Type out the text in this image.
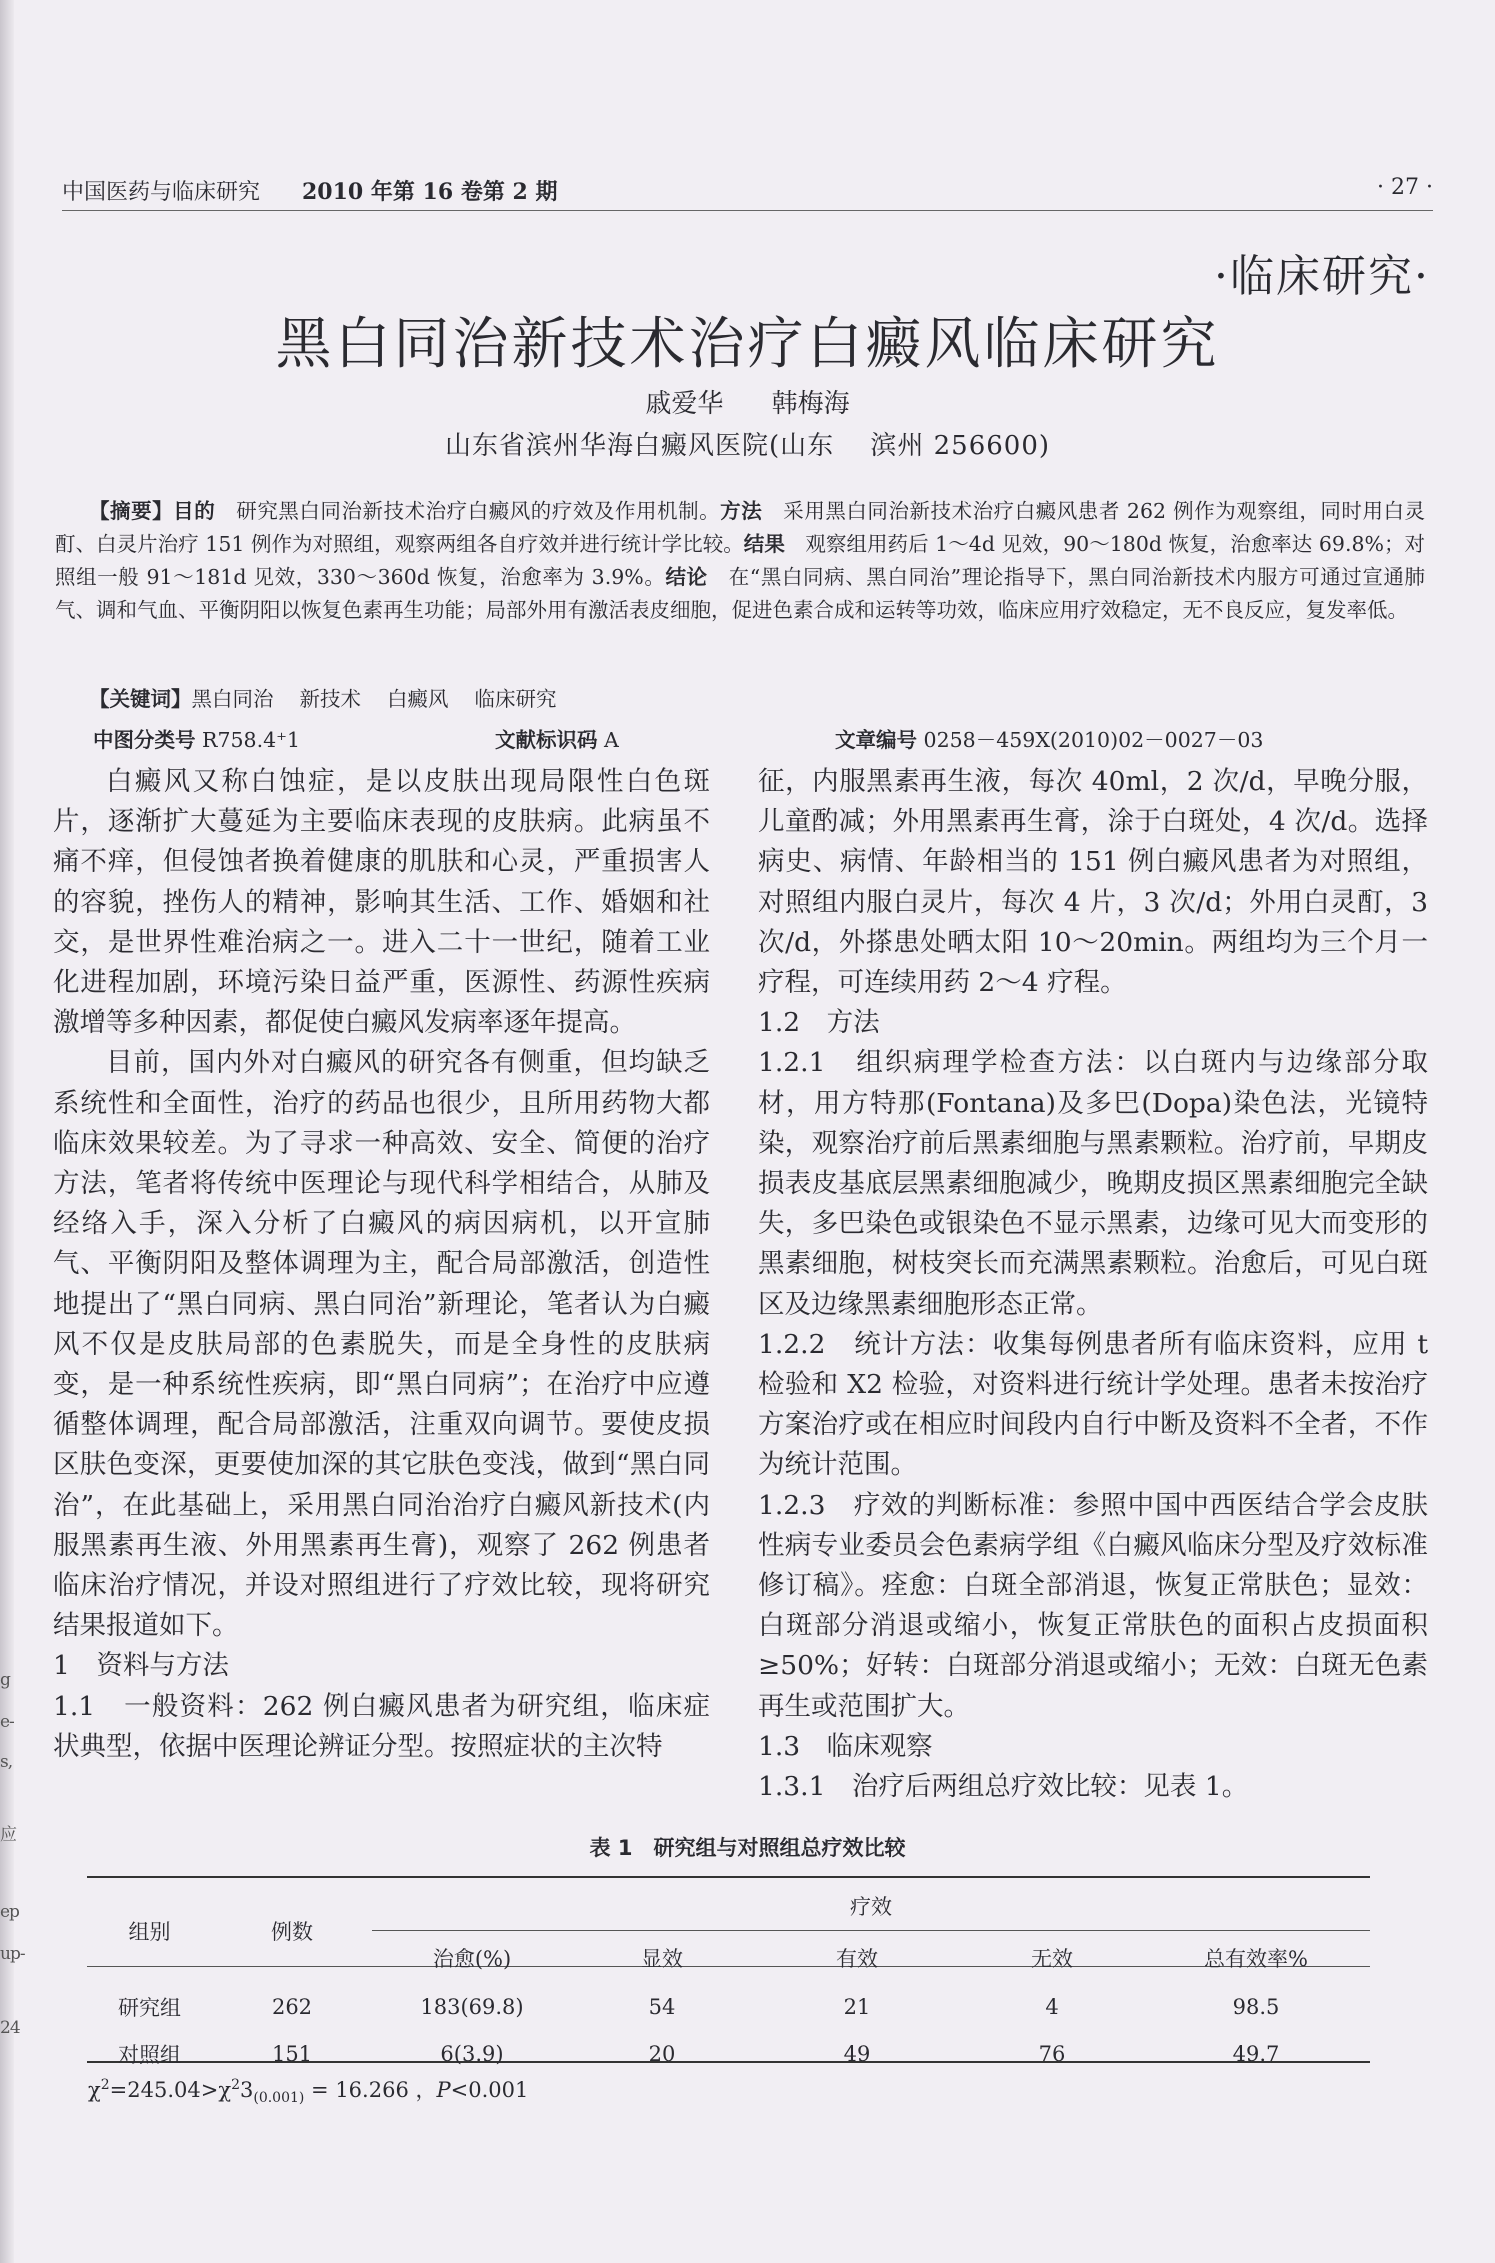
g
e-
s,
应
ep
up-
24
中国医药与临床研究 2010 年第 16 卷第 2 期	· 27 ·
·临床研究·
黑白同治新技术治疗白癜风临床研究
戚爱华 韩梅海
山东省滨州华海白癜风医院(山东　 滨州 256600)
【摘要】目的　 研究黑白同治新技术治疗白癜风的疗效及作用机制。方法　 采用黑白同治新技术治疗白癜风患者 262 例作为观察组，同时用白灵酊、白灵片治疗 151 例作为对照组，观察两组各自疗效并进行统计学比较。结果　 观察组用药后 1～4d 见效，90～180d 恢复，治愈率达 69.8%；对照组一般 91～181d 见效，330～360d 恢复，治愈率为 3.9%。结论　 在“黑白同病、黑白同治”理论指导下，黑白同治新技术内服方可通过宣通肺气、调和气血、平衡阴阳以恢复色素再生功能；局部外用有激活表皮细胞，促进色素合成和运转等功效，临床应用疗效稳定，无不良反应，复发率低。
【关键词】黑白同治 新技术 白癜风 临床研究
中图分类号 R758.4⁺1	文献标识码 A	文章编号 0258－459X(2010)02－0027－03

白癜风又称白蚀症，是以皮肤出现局限性白色斑片，逐渐扩大蔓延为主要临床表现的皮肤病。此病虽不痛不痒，但侵蚀者换着健康的肌肤和心灵，严重损害人的容貌，挫伤人的精神，影响其生活、工作、婚姻和社交，是世界性难治病之一。进入二十一世纪，随着工业化进程加剧，环境污染日益严重，医源性、药源性疾病激增等多种因素，都促使白癜风发病率逐年提高。

目前，国内外对白癜风的研究各有侧重，但均缺乏系统性和全面性，治疗的药品也很少，且所用药物大都临床效果较差。为了寻求一种高效、安全、简便的治疗方法，笔者将传统中医理论与现代科学相结合，从肺及经络入手，深入分析了白癜风的病因病机，以开宣肺气、平衡阴阳及整体调理为主，配合局部激活，创造性地提出了“黑白同病、黑白同治”新理论，笔者认为白癜风不仅是皮肤局部的色素脱失，而是全身性的皮肤病变，是一种系统性疾病，即“黑白同病”；在治疗中应遵循整体调理，配合局部激活，注重双向调节。要使皮损区肤色变深，更要使加深的其它肤色变浅，做到“黑白同治”，在此基础上，采用黑白同治治疗白癜风新技术(内服黑素再生液、外用黑素再生膏)，观察了 262 例患者临床治疗情况，并设对照组进行了疗效比较，现将研究结果报道如下。

1　资料与方法

1.1　一般资料：262 例白癜风患者为研究组，临床症状典型，依据中医理论辨证分型。按照症状的主次特

征，内服黑素再生液，每次 40ml，2 次/d，早晚分服，儿童酌减；外用黑素再生膏，涂于白斑处，4 次/d。选择病史、病情、年龄相当的 151 例白癜风患者为对照组，对照组内服白灵片，每次 4 片，3 次/d；外用白灵酊，3 次/d，外搽患处晒太阳 10～20min。两组均为三个月一疗程，可连续用药 2～4 疗程。

1.2　方法

1.2.1　组织病理学检查方法：以白斑内与边缘部分取材，用方特那(Fontana)及多巴(Dopa)染色法，光镜特染，观察治疗前后黑素细胞与黑素颗粒。治疗前，早期皮损表皮基底层黑素细胞减少，晚期皮损区黑素细胞完全缺失，多巴染色或银染色不显示黑素，边缘可见大而变形的黑素细胞，树枝突长而充满黑素颗粒。治愈后，可见白斑区及边缘黑素细胞形态正常。

1.2.2　统计方法：收集每例患者所有临床资料，应用 t 检验和 X2 检验，对资料进行统计学处理。患者未按治疗方案治疗或在相应时间段内自行中断及资料不全者，不作为统计范围。

1.2.3　疗效的判断标准：参照中国中西医结合学会皮肤性病专业委员会色素病学组《白癜风临床分型及疗效标准修订稿》。痊愈：白斑全部消退，恢复正常肤色；显效：白斑部分消退或缩小，恢复正常肤色的面积占皮损面积≥50%；好转：白斑部分消退或缩小；无效：白斑无色素再生或范围扩大。

1.3　临床观察

1.3.1　治疗后两组总疗效比较：见表 1。

表 1　研究组与对照组总疗效比较
组别	例数	疗效				
		治愈(%)	显效	有效	无效	总有效率%
研究组	262	183(69.8)	54	21	4	98.5
对照组	151	6(3.9)	20	49	76	49.7
$\chi^2=245.04>\chi^23_{(0.001)} = 16.266$ ，P<0.001
